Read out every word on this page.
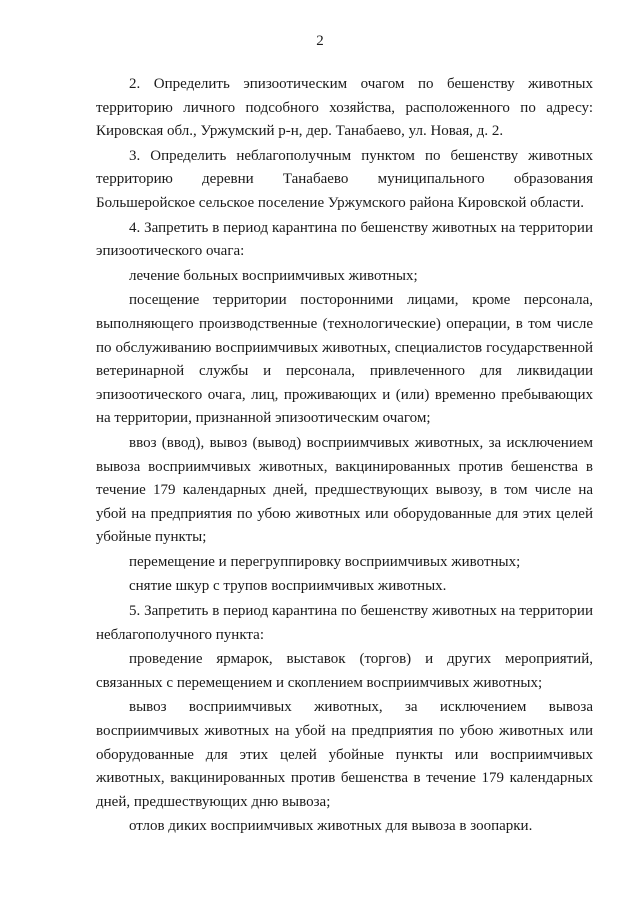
2

2. Определить эпизоотическим очагом по бешенству животных территорию личного подсобного хозяйства, расположенного по адресу: Кировская обл., Уржумский р-н, дер. Танабаево, ул. Новая, д. 2.

3. Определить неблагополучным пунктом по бешенству животных территорию деревни Танабаево муниципального образования Большеройское сельское поселение Уржумского района Кировской области.

4. Запретить в период карантина по бешенству животных на территории эпизоотического очага:

лечение больных восприимчивых животных;

посещение территории посторонними лицами, кроме персонала, выполняющего производственные (технологические) операции, в том числе по обслуживанию восприимчивых животных, специалистов государственной ветеринарной службы и персонала, привлеченного для ликвидации эпизоотического очага, лиц, проживающих и (или) временно пребывающих на территории, признанной эпизоотическим очагом;

ввоз (ввод), вывоз (вывод) восприимчивых животных, за исключением вывоза восприимчивых животных, вакцинированных против бешенства в течение 179 календарных дней, предшествующих вывозу, в том числе на убой на предприятия по убою животных или оборудованные для этих целей убойные пункты;

перемещение и перегруппировку восприимчивых животных;

снятие шкур с трупов восприимчивых животных.

5. Запретить в период карантина по бешенству животных на территории неблагополучного пункта:

проведение ярмарок, выставок (торгов) и других мероприятий, связанных с перемещением и скоплением восприимчивых животных;

вывоз восприимчивых животных, за исключением вывоза восприимчивых животных на убой на предприятия по убою животных или оборудованные для этих целей убойные пункты или восприимчивых животных, вакцинированных против бешенства в течение 179 календарных дней, предшествующих дню вывоза;

отлов диких восприимчивых животных для вывоза в зоопарки.
